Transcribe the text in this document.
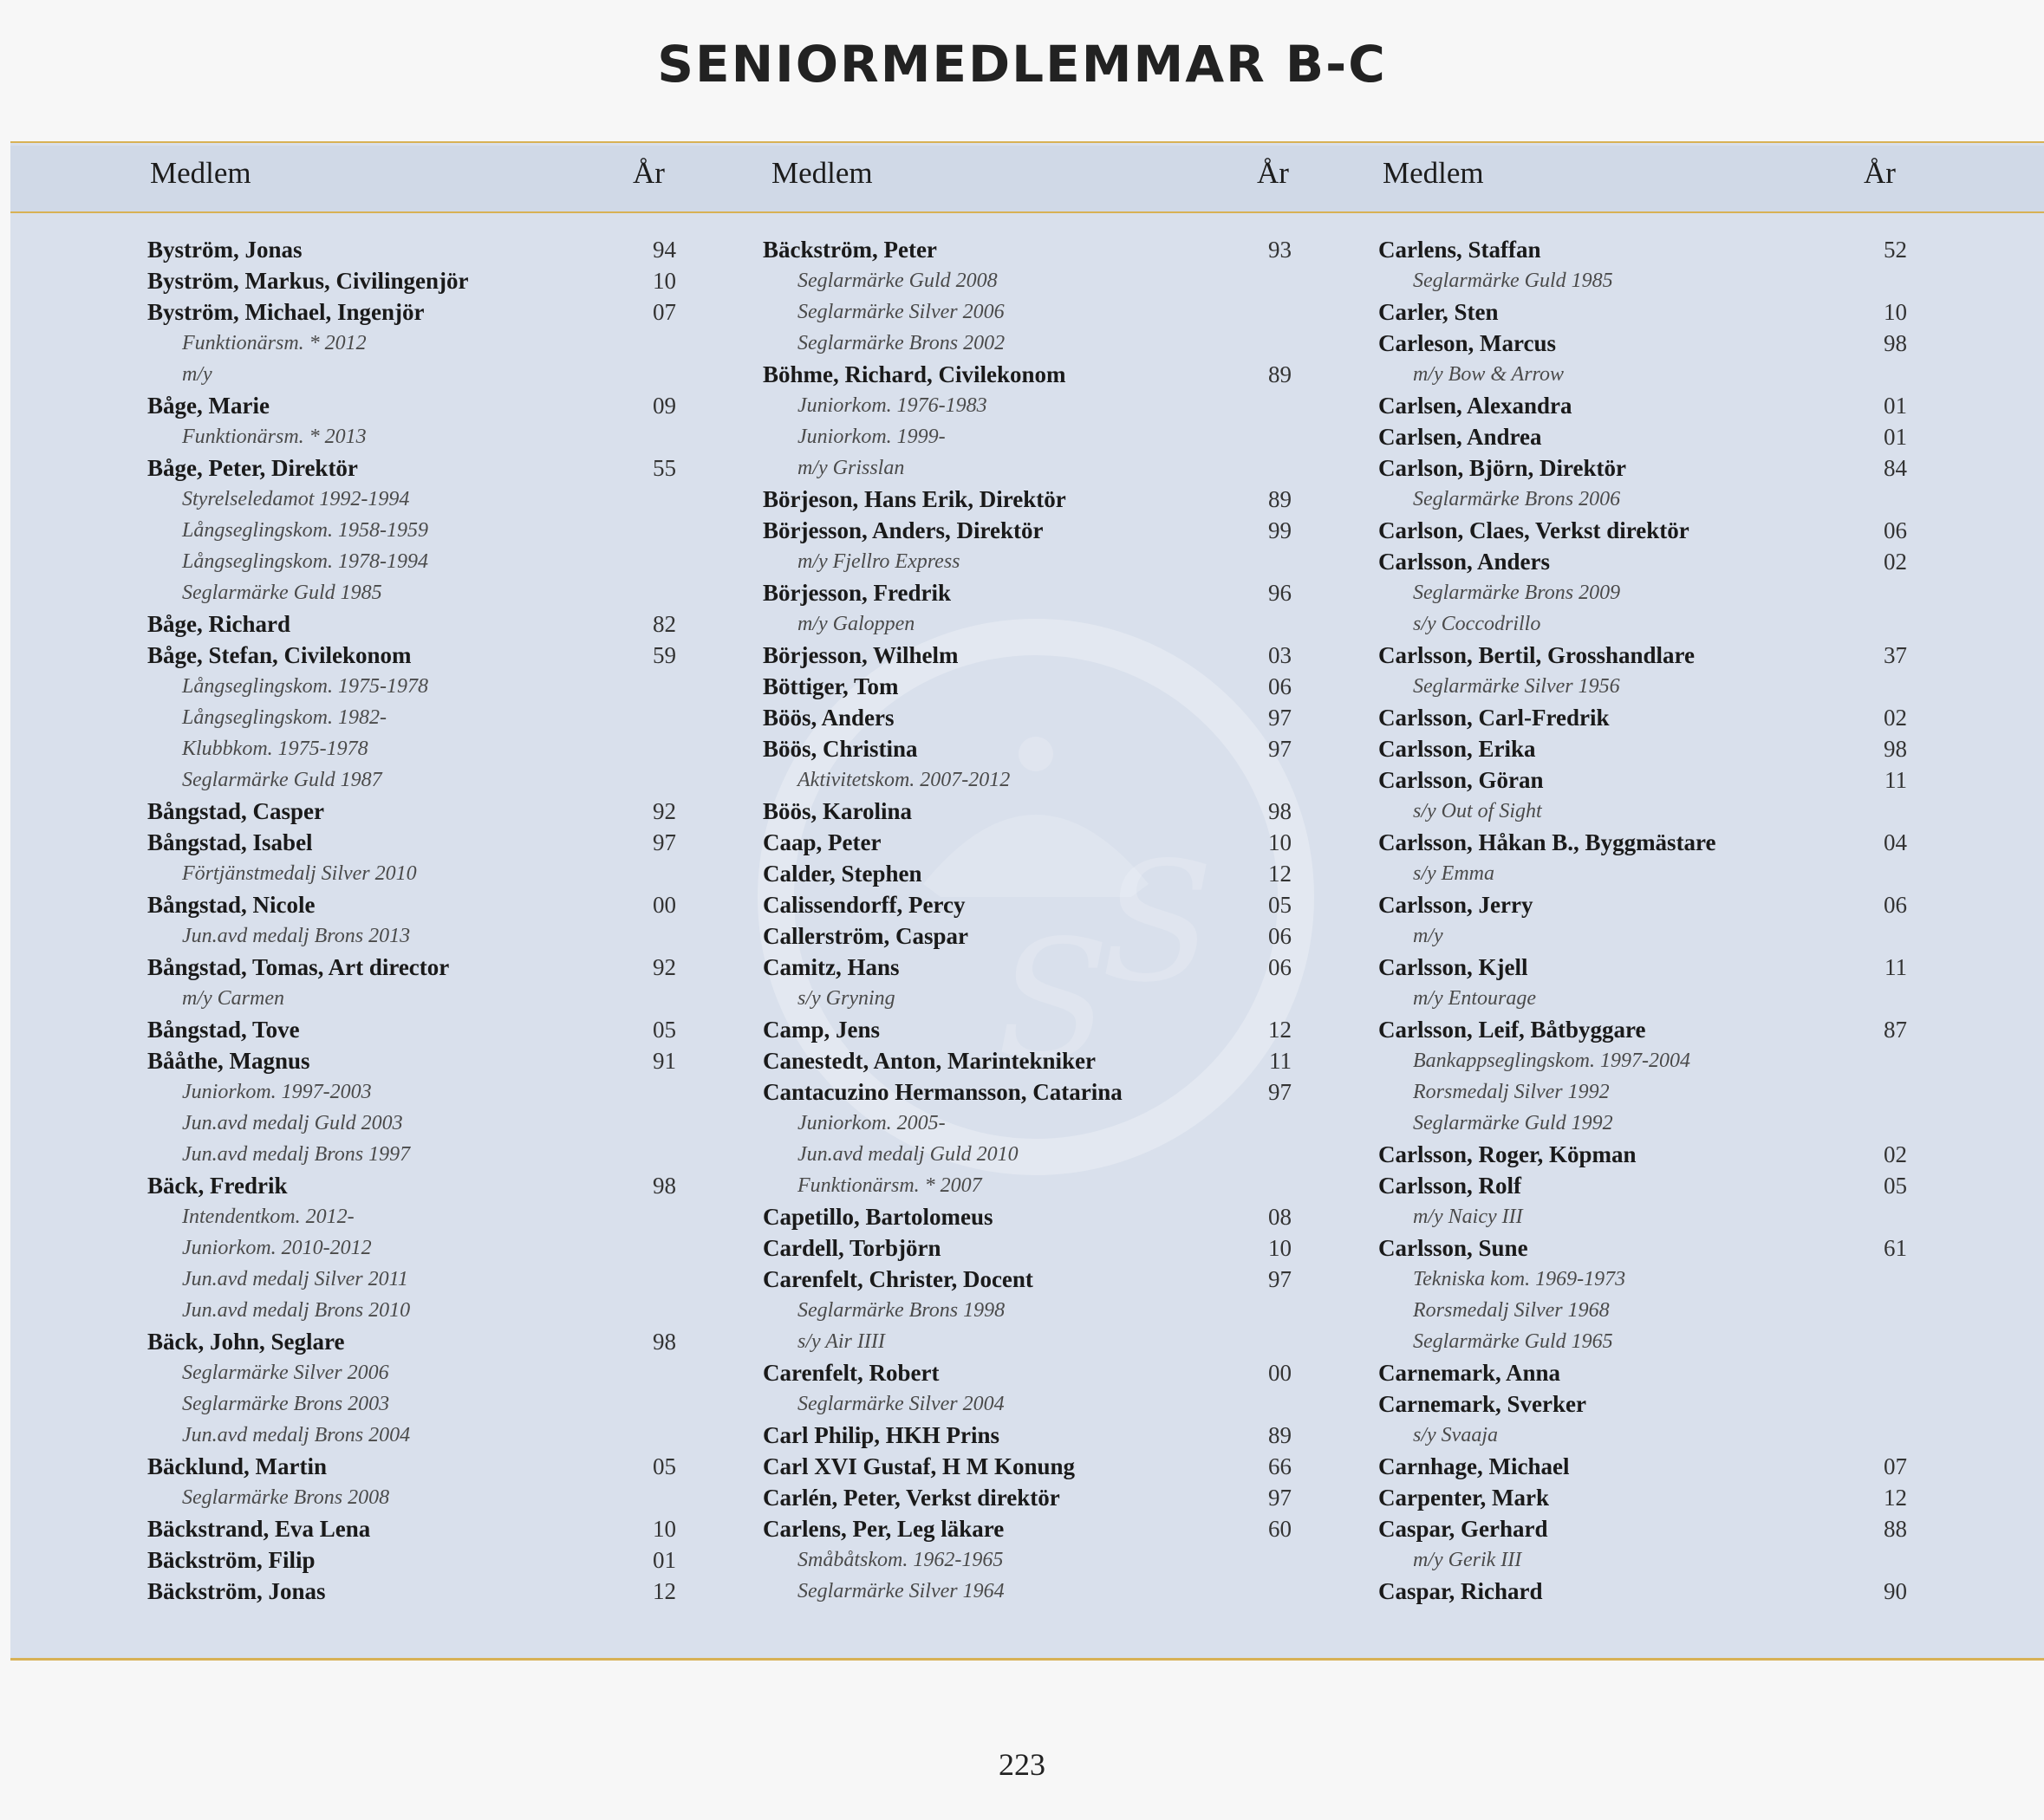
SENIORMEDLEMMAR B-C
Medlem	År	Medlem	År	Medlem	År
Byström, Jonas	94
Byström, Markus, Civilingenjör	10
Byström, Michael, Ingenjör	07
Funktionärsm. * 2012
m/y
Båge, Marie	09
Funktionärsm. * 2013
Båge, Peter, Direktör	55
Styrelseledamot 1992-1994
Långseglingskom. 1958-1959
Långseglingskom. 1978-1994
Seglarmärke Guld 1985
Båge, Richard	82
Båge, Stefan, Civilekonom	59
Långseglingskom. 1975-1978
Långseglingskom. 1982-
Klubbkom. 1975-1978
Seglarmärke Guld 1987
Bångstad, Casper	92
Bångstad, Isabel	97
Förtjänstmedalj Silver 2010
Bångstad, Nicole	00
Jun.avd medalj Brons 2013
Bångstad, Tomas, Art director	92
m/y Carmen
Bångstad, Tove	05
Bååthe, Magnus	91
Juniorkom. 1997-2003
Jun.avd medalj Guld 2003
Jun.avd medalj Brons 1997
Bäck, Fredrik	98
Intendentkom. 2012-
Juniorkom. 2010-2012
Jun.avd medalj Silver 2011
Jun.avd medalj Brons 2010
Bäck, John, Seglare	98
Seglarmärke Silver 2006
Seglarmärke Brons 2003
Jun.avd medalj Brons 2004
Bäcklund, Martin	05
Seglarmärke Brons 2008
Bäckstrand, Eva Lena	10
Bäckström, Filip	01
Bäckström, Jonas	12
Bäckström, Peter	93
Seglarmärke Guld 2008
Seglarmärke Silver 2006
Seglarmärke Brons 2002
Böhme, Richard, Civilekonom	89
Juniorkom. 1976-1983
Juniorkom. 1999-
m/y Grisslan
Börjeson, Hans Erik, Direktör	89
Börjesson, Anders, Direktör	99
m/y Fjellro Express
Börjesson, Fredrik	96
m/y Galoppen
Börjesson, Wilhelm	03
Böttiger, Tom	06
Böös, Anders	97
Böös, Christina	97
Aktivitetskom. 2007-2012
Böös, Karolina	98
Caap, Peter	10
Calder, Stephen	12
Calissendorff, Percy	05
Callerström, Caspar	06
Camitz, Hans	06
s/y Gryning
Camp, Jens	12
Canestedt, Anton, Marintekniker	11
Cantacuzino Hermansson, Catarina	97
Juniorkom. 2005-
Jun.avd medalj Guld 2010
Funktionärsm. * 2007
Capetillo, Bartolomeus	08
Cardell, Torbjörn	10
Carenfelt, Christer, Docent	97
Seglarmärke Brons 1998
s/y Air IIII
Carenfelt, Robert	00
Seglarmärke Silver 2004
Carl Philip, HKH Prins	89
Carl XVI Gustaf, H M Konung	66
Carlén, Peter, Verkst direktör	97
Carlens, Per, Leg läkare	60
Småbåtskom. 1962-1965
Seglarmärke Silver 1964
Carlens, Staffan	52
Seglarmärke Guld 1985
Carler, Sten	10
Carleson, Marcus	98
m/y Bow & Arrow
Carlsen, Alexandra	01
Carlsen, Andrea	01
Carlson, Björn, Direktör	84
Seglarmärke Brons 2006
Carlson, Claes, Verkst direktör	06
Carlsson, Anders	02
Seglarmärke Brons 2009
s/y Coccodrillo
Carlsson, Bertil, Grosshandlare	37
Seglarmärke Silver 1956
Carlsson, Carl-Fredrik	02
Carlsson, Erika	98
Carlsson, Göran	11
s/y Out of Sight
Carlsson, Håkan B., Byggmästare	04
s/y Emma
Carlsson, Jerry	06
m/y
Carlsson, Kjell	11
m/y Entourage
Carlsson, Leif, Båtbyggare	87
Bankappseglingskom. 1997-2004
Rorsmedalj Silver 1992
Seglarmärke Guld 1992
Carlsson, Roger, Köpman	02
Carlsson, Rolf	05
m/y Naicy III
Carlsson, Sune	61
Tekniska kom. 1969-1973
Rorsmedalj Silver 1968
Seglarmärke Guld 1965
Carnemark, Anna
Carnemark, Sverker
s/y Svaaja
Carnhage, Michael	07
Carpenter, Mark	12
Caspar, Gerhard	88
m/y Gerik III
Caspar, Richard	90
223
